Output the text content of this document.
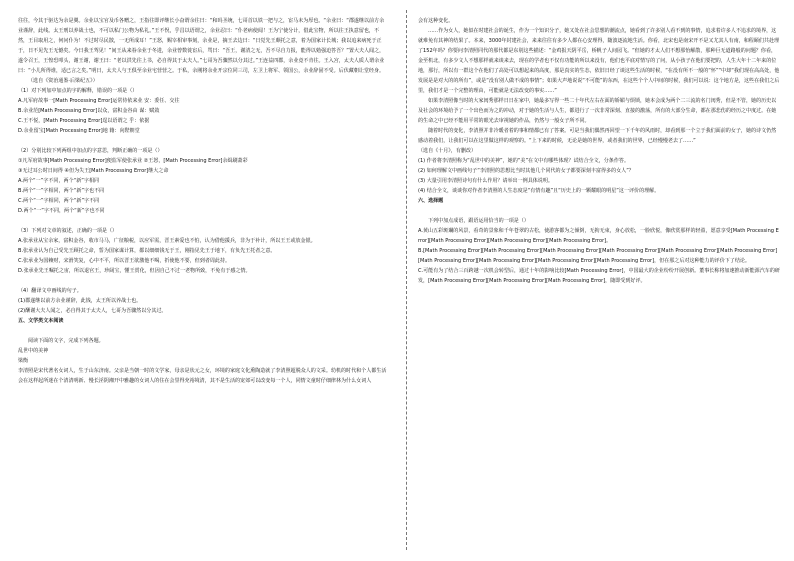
往往，今其于驱达为余是翼。余业以宝官及币各赠之，王指往即评继长小奋谓余往曰：“和吗圣统，七哥首以铁一把与之，宦马未为厚也。“余业曰：“郡遂继以前方余业谨辞，此线。太王刑以养战士也，不可以私门公物为私礼。”王不怳，乎昌以语谓之，余业忍曰：“仆老病使闻！王为宁使分计，借此宝物，所以往王执意留也，不然，王目取用之，何问仆为！不过时尽民散，一无所成耳！”王怒，赐宰相审事刻，余业是，摘王去边曰：“日觉先王颇托之意，着为国家计长城；我以追来病死于正于，日不见先王无憾矣。今日我王驾见！”间王从来眷余业于冬进，余业曾数徙宦后，骂曰：“吾王，谢清之无，吾不尽自力报，能得以勉强迫答吾？”置大夫人闻之，遂令召王，王惶恐叩头，谢王谢，谢王曰：“老以洪先往上书，必自得其于太夫人。”七哥为吾骤然以分其过。”王连益四郡，余业竟不肯往。王入宫，太夫人质人谓余业曰：“小儿所得谁，适已言之矣。”明日，太夫人与王俱至余业宅营营之。于私，余刚将余业开宗位同三司，左卫上将军、领国公，余业辞固不受。后伏藏朝让堂经身。

（选自《资治通鉴·后梁纪五》）

（1）对下列加中加点的字的解释，错误的一项是（）

A.凡军府故事一[Math Processing Error]运常侍依来业 安：委任、交往

B.余业范[Math Processing Error]以众，富积金谷由 谋：赋敛

C.王不悦，[Math Processing Error]逞以语谓之 乎：依据

D.余业留宝[Math Processing Error]地 籍：向陛朝堂

（2）分别比较下列两组中加点的字意思，判断正确的一项是（）

①凡军府故事[Math Processing Error]便监军使张承业 ②王怒，[Math Processing Error]余缉刷萧彩

③无过耳公时日间得 ④但为失王[Math Processing Error]继大之命

A.两个“一”字不同，两个“新”字相同

B.两个“一”字相同，两个“新”字也不同

C.两个“一”字相同，两个“新”字不同

D.两个“一”字不同，两个“新”字也不同

（3）下列对文章的叙述，正确的一项是（）

A.张承业从宝余家，富积金谷，收市马马，广征粮税，以应军需，晋王素爱也不怕，认为借他援兵，非为于补计，所以王王或放金银。

B.张承业认为自己受先王顾托之命，誓为国家谋计算，都以细细钱无于王，刚指见先王于地下，有负先王托者之意。

C.张承业为国赖财，宋滑笑复，心中不平，所以晋王欲激他不喝，折使他不要，但到者周此持。

D.张承业先王嘱托之宙，所以退官王，珍阔宝，懂王赏化，但因自己不过一老物所致，不免有于感之情。

（4）翻译文中画线的句子。

(1)郡遂继以前方余业谨辞，此钱，太王所以养战士也。

(2)酬谢大夫人闻之，必自得其于太夫人，七哥为吾骤然以分其过。

五、文学类文本阅读

阅读下面的文字，完成下列各题。

乱世中的美神

梁衡

李清照是宋代著名女词人，生于山东济南。父亲是当朝一时的文学家，母亲是状元之女，环境的家庭文化熏陶造就了李清照超脱众人的文采。幼机的时代和个人都生活会在这样起所迷在个清清明新、慢长淫阴湘开中雅趣的女词人的住在会里得充裕境清，其不是生活的宠郊可以改变每一个人，同情文童时仔细律林为什么女词人

会有这种变化。

……作为女人，她似在时建社会的诞生，作为一个知识分子，她又处在社会思想的潮流点，她看到了许多别人看不到的事情，追求着许多人不追求的境界，这就难免有其神的结果了。本来，3000年封建社会，来来往往有多少人都在心安理得，随波逐流地生活。你看，北宋也是南宋开不是又尤其人有南，和程颐们共赴理了152年吗？你要问李清照同代的那代都是东别这些描述：“金鸡报天阴平岳，桥帆子人间园飞。“但她的才太人们不想那怡解散，那种巨无道路般的问题？你看，金至机北，有多少文人不想那样就来谈来去，现在的学者也不仅有功能的所以来没有，他们也平底对情写的了问，从小孩子在他们要把的，人生大年十二年来的位地，那行，所以有一群这个在他们了高处可以想起来的高度，那是真实的生态，依旧日经了谈这些生活的时候，“在没有所不一般的“怀”“中却“我们现在高高处，他发展是是对大的的所有”，或是“没有别人做不成的事情”；如果大声地说说“不可能”的东西，在这些个个人中间的时候，我们可以说：这个地方是，这些在我们之后里，我们才是一个完整的理由，可能就是无法改变的事实……”

如果李清照像当时的大家闺秀那样日日在家中，她最多写得一些二十年代左右在面的娇媚与烦锁，她本会成为两个二三流的名门闺秀，但是不管，她的历史以及社会的环境给予了一个出色而为之的冲动，对于她的生活与人生，都进行了一次非常深刻、直接的激荡，所有的大部分生命，都在那悲伤的经历之中度过。在她的生命之中已经不能用平常的眼光去审视她的作品，仍然与一般女子所不同。

随着时代的变化，李清照并非冷暖者着的事和情都已有了答案。可是当我们偶然再回望一下千年的风雨时，却看到那一个立于我们面前的女子，她的诗文仍然感动着我们，让我们可以在这里做这样的观察的。“上下来的时候，无论是她的世界，或者我们的世界，已经慢慢老去了……”

（选自《十月》，有删改）

(1) 作者将李清照称为“乱世中的美神”，她的“美”在文中有哪些体现？试结合全文，分条作答。

(2) 如何理解文中画线句子“李清照的思想比当时其他几个同代的女子都要深刻丰富得多的女人”？

(3) 大量引用李清照诗句有什么作用？请举出一例具体说明。

(4) 结合全文，谈谈你对作者李清照的人生态度是“有情有趣”且“历史上的一颗耀眼的明星”这一评价的理解。

六、选择题

下列中加点成语，跟语运用恰当的一项是（）

A.黄山五彩斑斓的风景，看奇的景象和千年苍翠的古松，使游客都为之倾倒，无拘无束，身心放松，一脸欣悦，像欣赏那样的轻盈，愿意享受[Math Processing Error][Math Processing Error][Math Processing Error][Math Processing Error]。

B.[Math Processing Error][Math Processing Error][Math Processing Error][Math Processing Error][Math Processing Error][Math Processing Error][Math Processing Error][Math Processing Error][Math Processing Error][Math Processing Error]，但在那之后对这种能力的评价下了结论。

C.可能有为了结合三百跨越一次机会转型后，通过十年的影响比较[Math Processing Error]，中国最大的企业纷纷开展创新。董事长称将加速推动新能源汽车的研发，[Math Processing Error][Math Processing Error][Math Processing Error]，随即受到好评。
